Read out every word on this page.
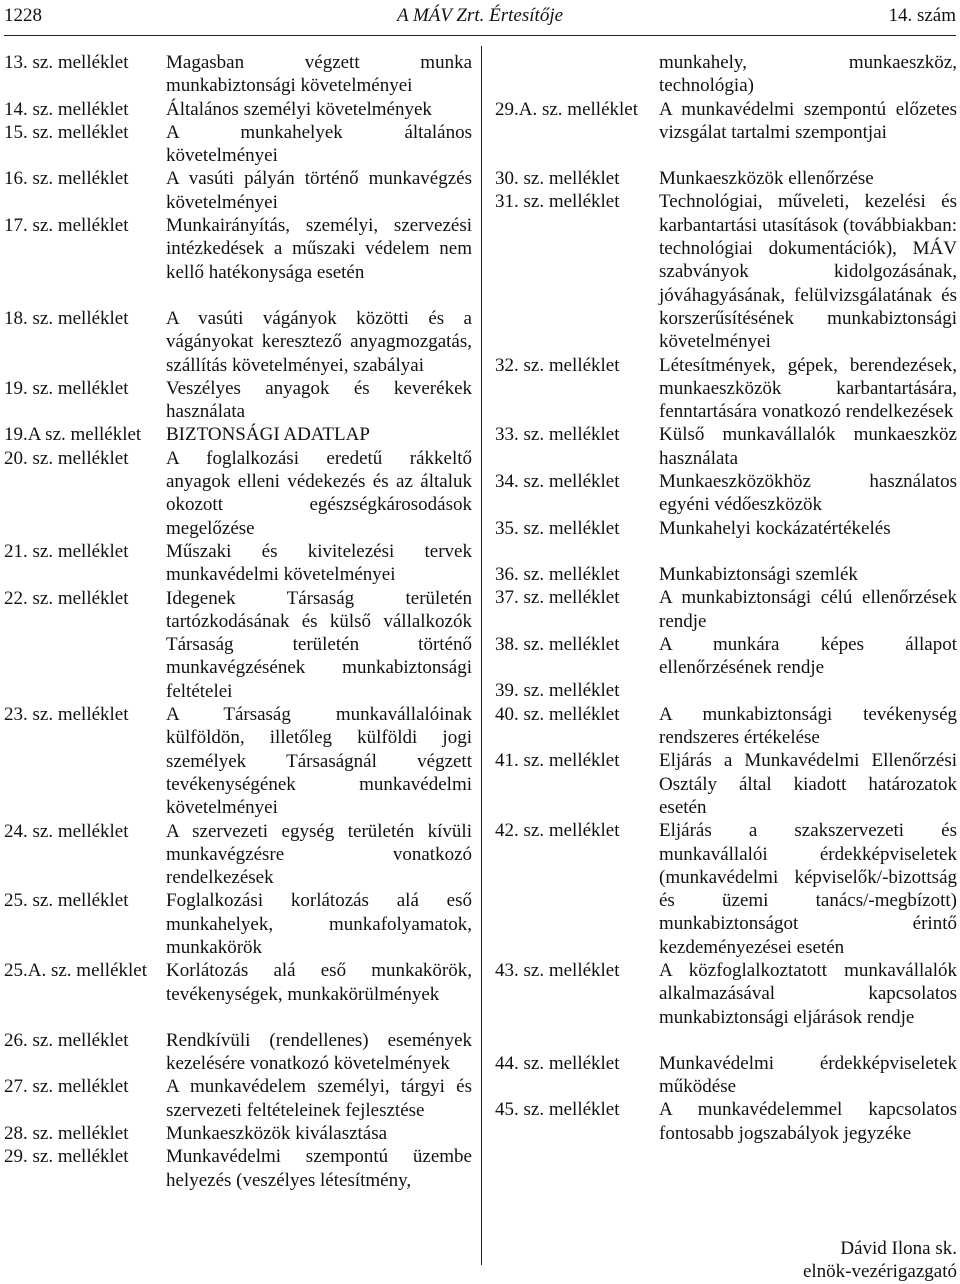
1228	A MÁV Zrt. Értesítője	14. szám
13. sz. melléklet	Magasban végzett munka munkabiztonsági követelményei
14. sz. melléklet	Általános személyi követelmények
15. sz. melléklet	A munkahelyek általános követelményei
16. sz. melléklet	A vasúti pályán történő munkavégzés követelményei
17. sz. melléklet	Munkairányítás, személyi, szervezési intézkedések a műszaki védelem nem kellő hatékonysága esetén
18. sz. melléklet	A vasúti vágányok közötti és a vágányokat keresztező anyagmozgatás, szállítás követelményei, szabályai
19. sz. melléklet	Veszélyes anyagok és keverékek használata
19.A sz. melléklet	BIZTONSÁGI ADATLAP
20. sz. melléklet	A foglalkozási eredetű rákkeltő anyagok elleni védekezés és az általuk okozott egészségkárosodások megelőzése
21. sz. melléklet	Műszaki és kivitelezési tervek munkavédelmi követelményei
22. sz. melléklet	Idegenek Társaság területén tartózkodásának és külső vállalkozók Társaság területén történő munkavégzésének munkabiztonsági feltételei
23. sz. melléklet	A Társaság munkavállalóinak külföldön, illetőleg külföldi jogi személyek Társaságnál végzett tevékenységének munkavédelmi követelményei
24. sz. melléklet	A szervezeti egység területén kívüli munkavégzésre vonatkozó rendelkezések
25. sz. melléklet	Foglalkozási korlátozás alá eső munkahelyek, munkafolyamatok, munkakörök
25.A. sz. melléklet	Korlátozás alá eső munkakörök, tevékenységek, munkakörülmények
26. sz. melléklet	Rendkívüli (rendellenes) események kezelésére vonatkozó követelmények
27. sz. melléklet	A munkavédelem személyi, tárgyi és szervezeti feltételeinek fejlesztése
28. sz. melléklet	Munkaeszközök kiválasztása
29. sz. melléklet	Munkavédelmi szempontú üzembe helyezés (veszélyes létesítmény,
munkahely, munkaeszköz, technológia)
29.A. sz. melléklet	A munkavédelmi szempontú előzetes vizsgálat tartalmi szempontjai
30. sz. melléklet	Munkaeszközök ellenőrzése
31. sz. melléklet	Technológiai, műveleti, kezelési és karbantartási utasítások (továbbiakban: technológiai dokumentációk), MÁV szabványok kidolgozásának, jóváhagyásának, felülvizsgálatának és korszerűsítésének munkabiztonsági követelményei
32. sz. melléklet	Létesítmények, gépek, berendezések, munkaeszközök karbantartására, fenntartására vonatkozó rendelkezések
33. sz. melléklet	Külső munkavállalók munkaeszköz használata
34. sz. melléklet	Munkaeszközökhöz használatos egyéni védőeszközök
35. sz. melléklet	Munkahelyi kockázatértékelés
36. sz. melléklet	Munkabiztonsági szemlék
37. sz. melléklet	A munkabiztonsági célú ellenőrzések rendje
38. sz. melléklet	A munkára képes állapot ellenőrzésének rendje
39. sz. melléklet
40. sz. melléklet	A munkabiztonsági tevékenység rendszeres értékelése
41. sz. melléklet	Eljárás a Munkavédelmi Ellenőrzési Osztály által kiadott határozatok esetén
42. sz. melléklet	Eljárás a szakszervezeti és munkavállalói érdekképviseletek (munkavédelmi képviselők/-bizottság és üzemi tanács/-megbízott) munkabiztonságot érintő kezdeményezései esetén
43. sz. melléklet	A közfoglalkoztatott munkavállalók alkalmazásával kapcsolatos munkabiztonsági eljárások rendje
44. sz. melléklet	Munkavédelmi érdekképviseletek működése
45. sz. melléklet	A munkavédelemmel kapcsolatos fontosabb jogszabályok jegyzéke
Dávid Ilona sk.
elnök-vezérigazgató
